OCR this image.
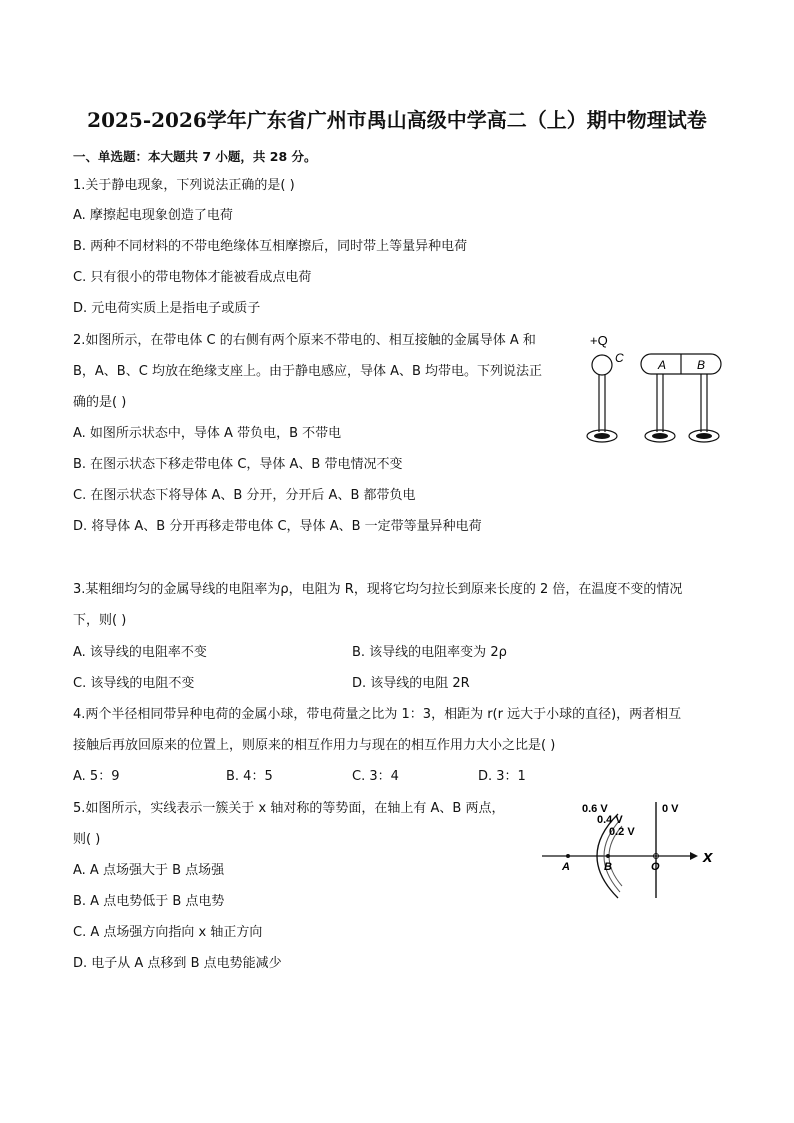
2025-2026学年广东省广州市禺山高级中学高二（上）期中物理试卷
一、单选题：本大题共 7 小题，共 28 分。
1.关于静电现象，下列说法正确的是( )
A. 摩擦起电现象创造了电荷
B. 两种不同材料的不带电绝缘体互相摩擦后，同时带上等量异种电荷
C. 只有很小的带电物体才能被看成点电荷
D. 元电荷实质上是指电子或质子
2.如图所示，在带电体 C 的右侧有两个原来不带电的、相互接触的金属导体 A 和
B，A、B、C 均放在绝缘支座上。由于静电感应，导体 A、B 均带电。下列说法正
确的是( )
A. 如图所示状态中，导体 A 带负电，B 不带电
B. 在图示状态下移走带电体 C，导体 A、B 带电情况不变
C. 在图示状态下将导体 A、B 分开，分开后 A、B 都带负电
D. 将导体 A、B 分开再移走带电体 C，导体 A、B 一定带等量异种电荷
+Q
C	A	B
3.某粗细均匀的金属导线的电阻率为ρ，电阻为 R，现将它均匀拉长到原来长度的 2 倍，在温度不变的情况
下，则( )
A. 该导线的电阻率不变	B. 该导线的电阻率变为 2ρ
C. 该导线的电阻不变	D. 该导线的电阻 2R
4.两个半径相同带异种电荷的金属小球，带电荷量之比为 1：3，相距为 r(r 远大于小球的直径)，两者相互
接触后再放回原来的位置上，则原来的相互作用力与现在的相互作用力大小之比是( )
A. 5：9	B. 4：5	C. 3：4	D. 3：1
5.如图所示，实线表示一簇关于 x 轴对称的等势面，在轴上有 A、B 两点，
则( )
A. A 点场强大于 B 点场强
B. A 点电势低于 B 点电势
C. A 点场强方向指向 x 轴正方向
D. 电子从 A 点移到 B 点电势能减少
x
0.6 V
0.4 V
0.2 V
0 V
A	B	O
